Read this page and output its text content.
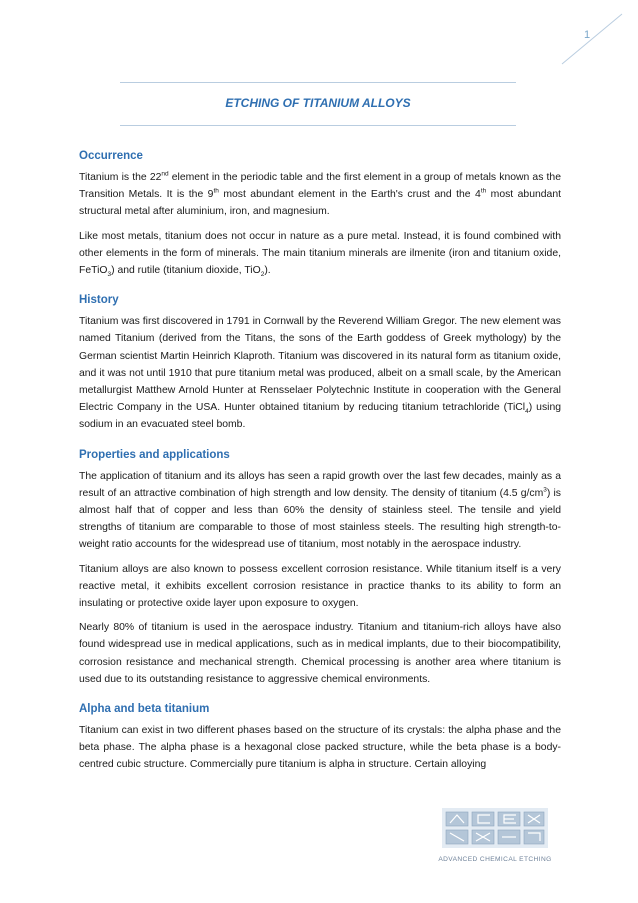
1
ETCHING OF TITANIUM ALLOYS
Occurrence

Titanium is the 22nd element in the periodic table and the first element in a group of metals known as the Transition Metals. It is the 9th most abundant element in the Earth's crust and the 4th most abundant structural metal after aluminium, iron, and magnesium.

Like most metals, titanium does not occur in nature as a pure metal. Instead, it is found combined with other elements in the form of minerals. The main titanium minerals are ilmenite (iron and titanium oxide, FeTiO$_3$) and rutile (titanium dioxide, TiO$_2$).

History

Titanium was first discovered in 1791 in Cornwall by the Reverend William Gregor. The new element was named Titanium (derived from the Titans, the sons of the Earth goddess of Greek mythology) by the German scientist Martin Heinrich Klaproth. Titanium was discovered in its natural form as titanium oxide, and it was not until 1910 that pure titanium metal was produced, albeit on a small scale, by the American metallurgist Matthew Arnold Hunter at Rensselaer Polytechnic Institute in cooperation with the General Electric Company in the USA. Hunter obtained titanium by reducing titanium tetrachloride (TiCl$_4$) using sodium in an evacuated steel bomb.

Properties and applications

The application of titanium and its alloys has seen a rapid growth over the last few decades, mainly as a result of an attractive combination of high strength and low density. The density of titanium (4.5 $g/cm^3$) is almost half that of copper and less than 60% the density of stainless steel. The tensile and yield strengths of titanium are comparable to those of most stainless steels. The resulting high strength-to-weight ratio accounts for the widespread use of titanium, most notably in the aerospace industry.

Titanium alloys are also known to possess excellent corrosion resistance. While titanium itself is a very reactive metal, it exhibits excellent corrosion resistance in practice thanks to its ability to form an insulating or protective oxide layer upon exposure to oxygen.

Nearly 80% of titanium is used in the aerospace industry. Titanium and titanium-rich alloys have also found widespread use in medical applications, such as in medical implants, due to their biocompatibility, corrosion resistance and mechanical strength. Chemical processing is another area where titanium is used due to its outstanding resistance to aggressive chemical environments.

Alpha and beta titanium

Titanium can exist in two different phases based on the structure of its crystals: the alpha phase and the beta phase. The alpha phase is a hexagonal close packed structure, while the beta phase is a body-centred cubic structure. Commercially pure titanium is alpha in structure. Certain alloying

ADVANCED CHEMICAL ETCHING
